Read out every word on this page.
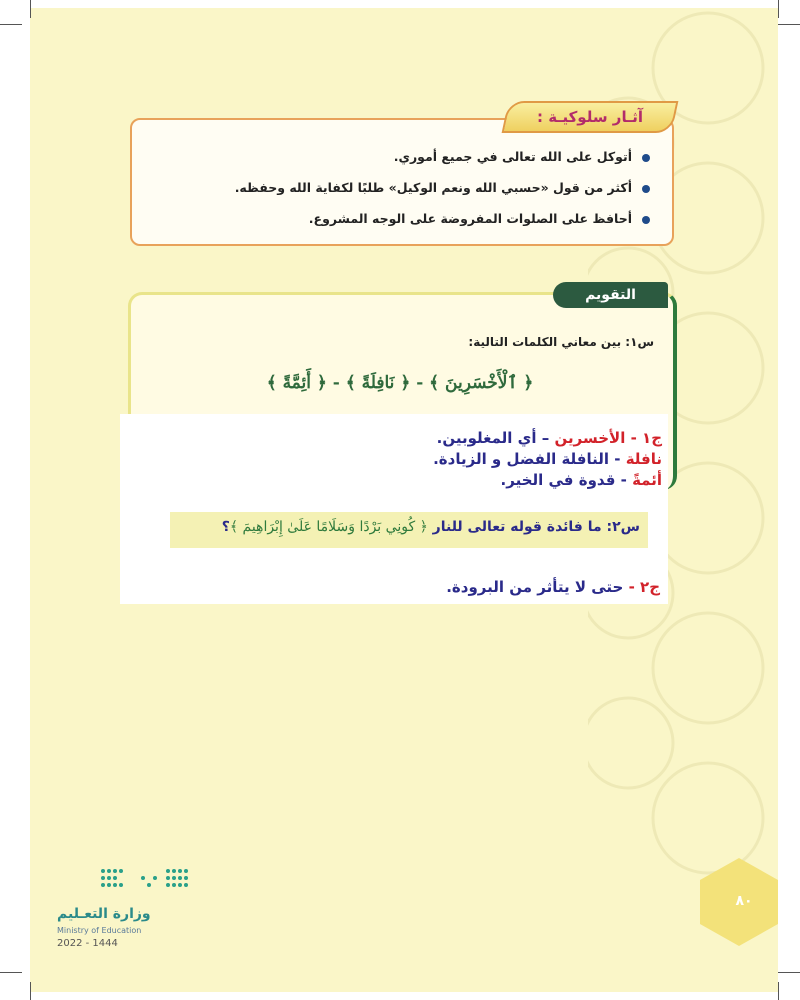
آثـار سلوكيـة :
أتوكل على الله تعالى في جميع أموري.
أكثر من قول «حسبي الله ونعم الوكيل» طلبًا لكفاية الله وحفظه.
أحافظ على الصلوات المفروضة على الوجه المشروع.
التقويم
س١: بين معاني الكلمات التالية:
﴿ ٱلْأَخْسَرِينَ ﴾ - ﴿ نَافِلَةً ﴾ - ﴿ أَئِمَّةً ﴾
ج١ - الأخسرين – أي المغلوبين.
نافلة - النافلة الفضل و الزيادة.
أئمةً - قدوة في الخير.
س٢: ما فائدة قوله تعالى للنار ﴿ كُونِي بَرْدًا وَسَلَامًا عَلَىٰ إِبْرَاهِيمَ ﴾؟
ج٢ - حتى لا يتأثر من البرودة.
٨٠
وزارة التعـليم
Ministry of Education
2022 - 1444
